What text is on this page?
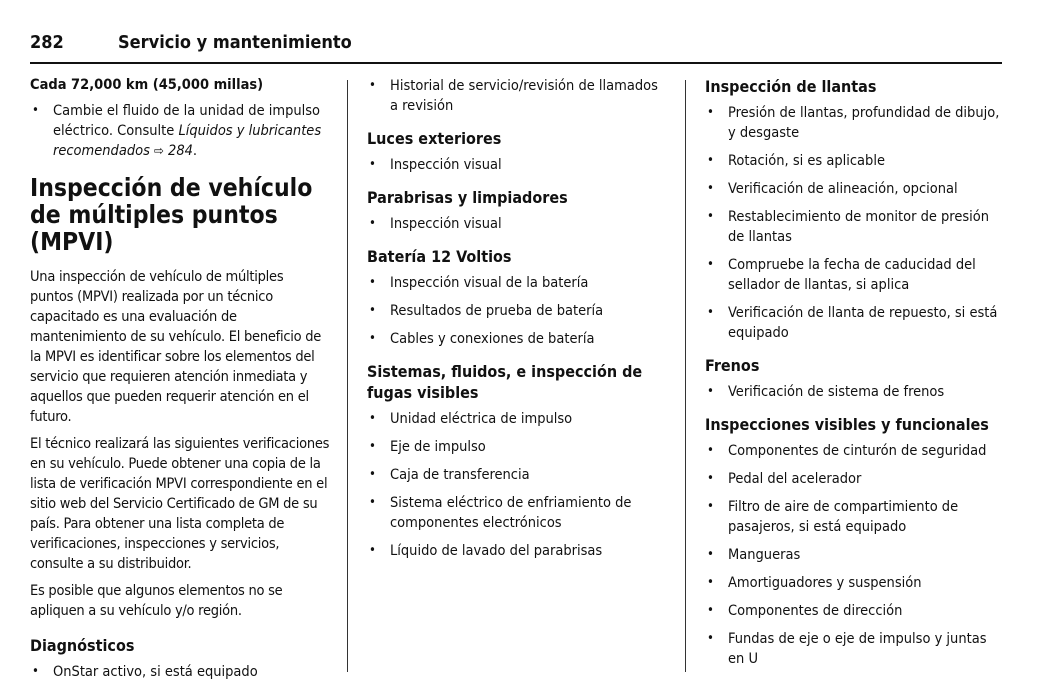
282	Servicio y mantenimiento
Cada 72,000 km (45,000 millas)
• Cambie el fluido de la unidad de impulso eléctrico. Consulte Líquidos y lubricantes recomendados ⇨ 284.
Inspección de vehículo de múltiples puntos (MPVI)
Una inspección de vehículo de múltiples puntos (MPVI) realizada por un técnico capacitado es una evaluación de mantenimiento de su vehículo. El beneficio de la MPVI es identificar sobre los elementos del servicio que requieren atención inmediata y aquellos que pueden requerir atención en el futuro.
El técnico realizará las siguientes verificaciones en su vehículo. Puede obtener una copia de la lista de verificación MPVI correspondiente en el sitio web del Servicio Certificado de GM de su país. Para obtener una lista completa de verificaciones, inspecciones y servicios, consulte a su distribuidor.
Es posible que algunos elementos no se apliquen a su vehículo y/o región.
Diagnósticos
• OnStar activo, si está equipado
• Historial de servicio/revisión de llamados a revisión
Luces exteriores
• Inspección visual
Parabrisas y limpiadores
• Inspección visual
Batería 12 Voltios
• Inspección visual de la batería
• Resultados de prueba de batería
• Cables y conexiones de batería
Sistemas, fluidos, e inspección de fugas visibles
• Unidad eléctrica de impulso
• Eje de impulso
• Caja de transferencia
• Sistema eléctrico de enfriamiento de componentes electrónicos
• Líquido de lavado del parabrisas
Inspección de llantas
• Presión de llantas, profundidad de dibujo, y desgaste
• Rotación, si es aplicable
• Verificación de alineación, opcional
• Restablecimiento de monitor de presión de llantas
• Compruebe la fecha de caducidad del sellador de llantas, si aplica
• Verificación de llanta de repuesto, si está equipado
Frenos
• Verificación de sistema de frenos
Inspecciones visibles y funcionales
• Componentes de cinturón de seguridad
• Pedal del acelerador
• Filtro de aire de compartimiento de pasajeros, si está equipado
• Mangueras
• Amortiguadores y suspensión
• Componentes de dirección
• Fundas de eje o eje de impulso y juntas en U
